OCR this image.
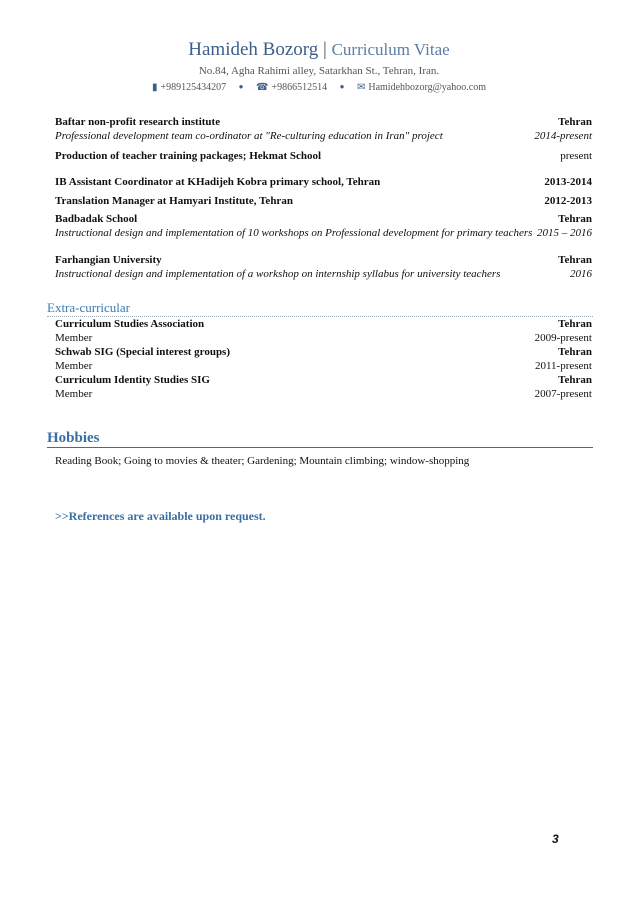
Hamideh Bozorg | Curriculum Vitae
No.84, Agha Rahimi alley, Satarkhan St., Tehran, Iran.
▮ +989125434207 ● ☎ +9866512514 ● ✉ Hamidehbozorg@yahoo.com
Baftar non-profit research institute	Tehran
Professional development team co-ordinator at "Re-culturing education in Iran" project	2014-present
Production of teacher training packages; Hekmat School	present
IB Assistant Coordinator at KHadijeh Kobra primary school, Tehran	2013-2014
Translation Manager at Hamyari Institute, Tehran	2012-2013
Badbadak School	Tehran
Instructional design and implementation of 10 workshops on Professional development for primary teachers 2015 – 2016
Farhangian University	Tehran
Instructional design and implementation of a workshop on internship syllabus for university teachers	2016
Extra-curricular
Curriculum Studies Association	Tehran
Member	2009-present
Schwab SIG (Special interest groups)	Tehran
Member	2011-present
Curriculum Identity Studies SIG	Tehran
Member	2007-present
Hobbies
Reading Book; Going to movies & theater; Gardening; Mountain climbing; window-shopping
>>References are available upon request.
3
